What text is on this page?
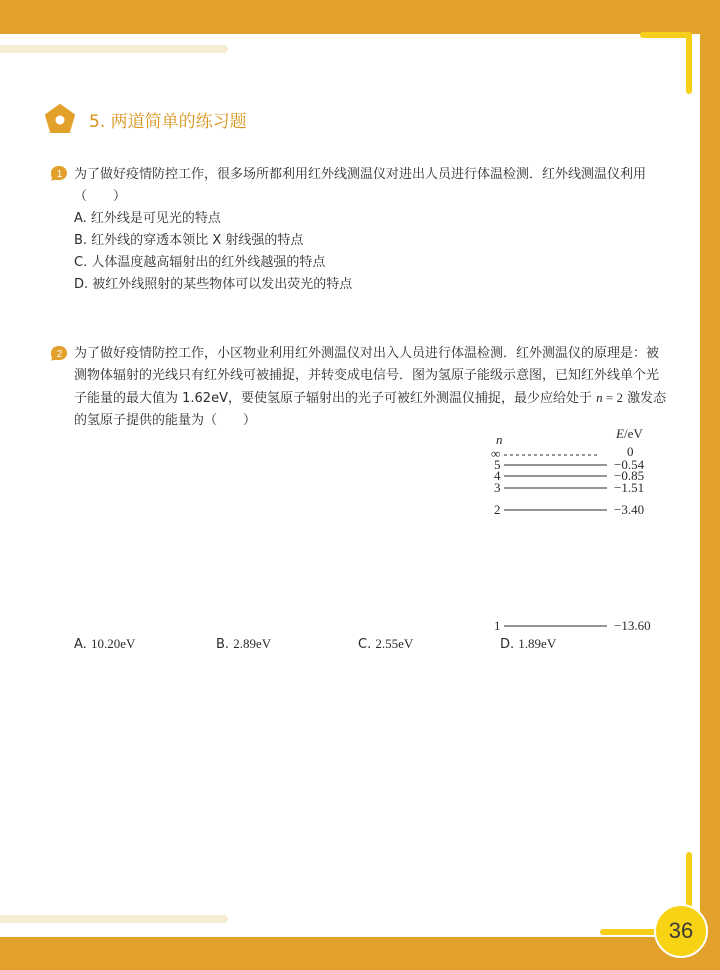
5. 两道简单的练习题
1 为了做好疫情防控工作，很多场所都利用红外线测温仪对进出人员进行体温检测．红外线测温仪利用（　　）
A. 红外线是可见光的特点
B. 红外线的穿透本领比 X 射线强的特点
C. 人体温度越高辐射出的红外线越强的特点
D. 被红外线照射的某些物体可以发出荧光的特点
2 为了做好疫情防控工作，小区物业利用红外测温仪对出入人员进行体温检测．红外测温仪的原理是：被测物体辐射的光线只有红外线可被捕捉，并转变成电信号．图为氢原子能级示意图，已知红外线单个光子能量的最大值为 1.62eV，要使氢原子辐射出的光子可被红外测温仪捕捉，最少应给处于 n = 2 激发态的氢原子提供的能量为（　　）
n	E/eV
∞	0
5	−0.54
4	−0.85
3	−1.51
2	−3.40
1	−13.60
A. 10.20eV	B. 2.89eV	C. 2.55eV	D. 1.89eV
36
